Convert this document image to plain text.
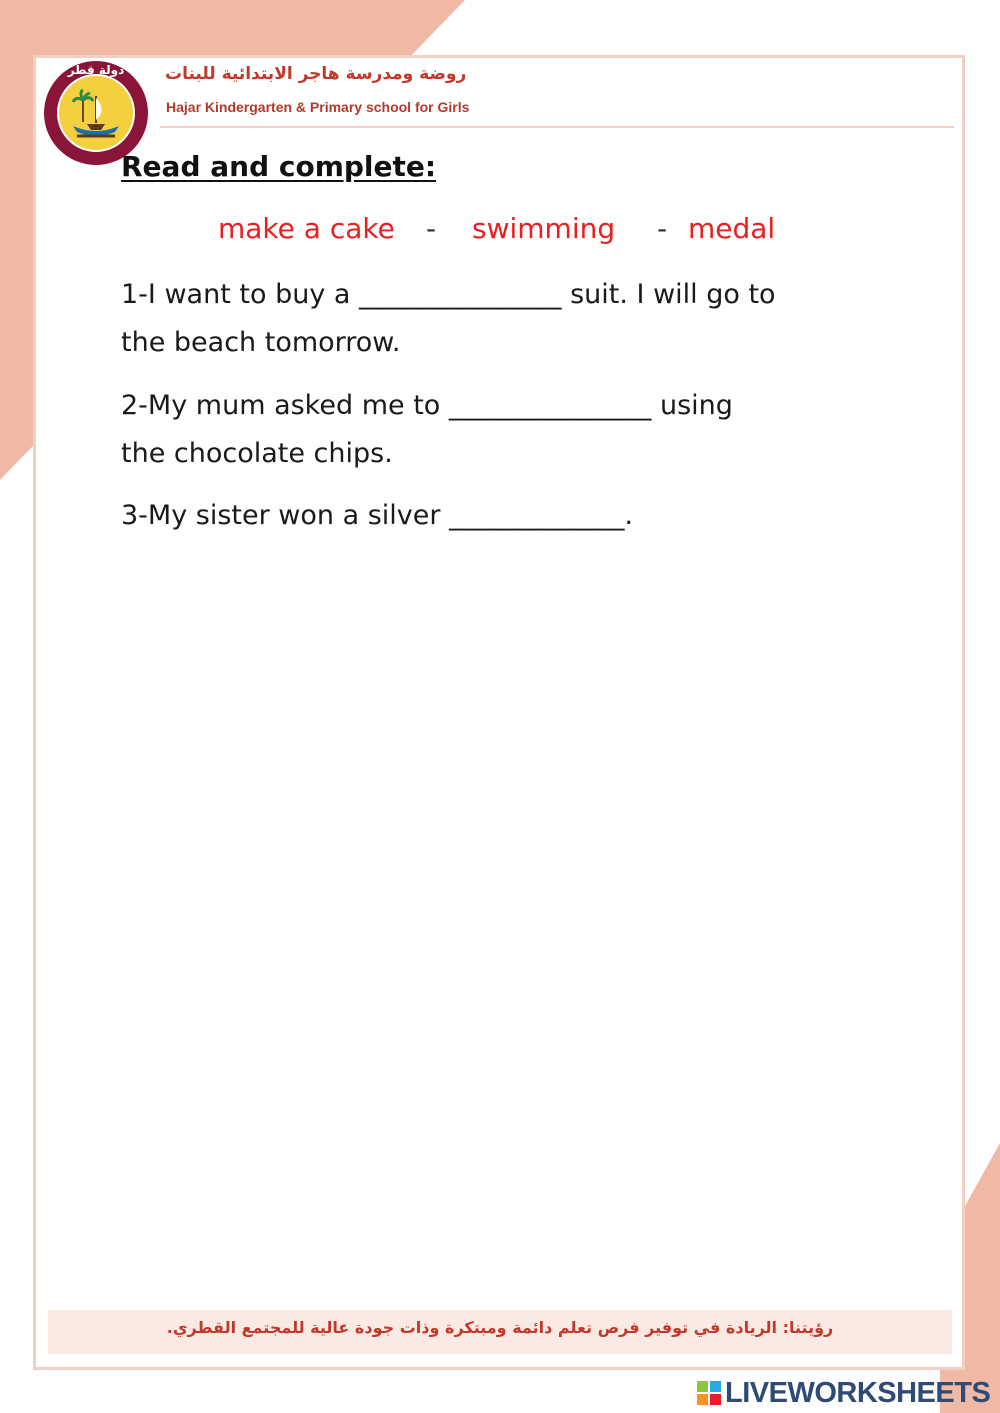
دولة قطر روضة ومدرسة هاجر الابتدائية للبنات
Hajar Kindergarten & Primary school for Girls
Read and complete:
make a cake - swimming - medal
1-I want to buy a _______________ suit. I will go to
the beach tomorrow.
2-My mum asked me to _______________ using
the chocolate chips.
3-My sister won a silver _____________.
رؤيتنا: الريادة في توفير فرص تعلم دائمة ومبتكرة وذات جودة عالية للمجتمع القطري.
LIVEWORKSHEETS
